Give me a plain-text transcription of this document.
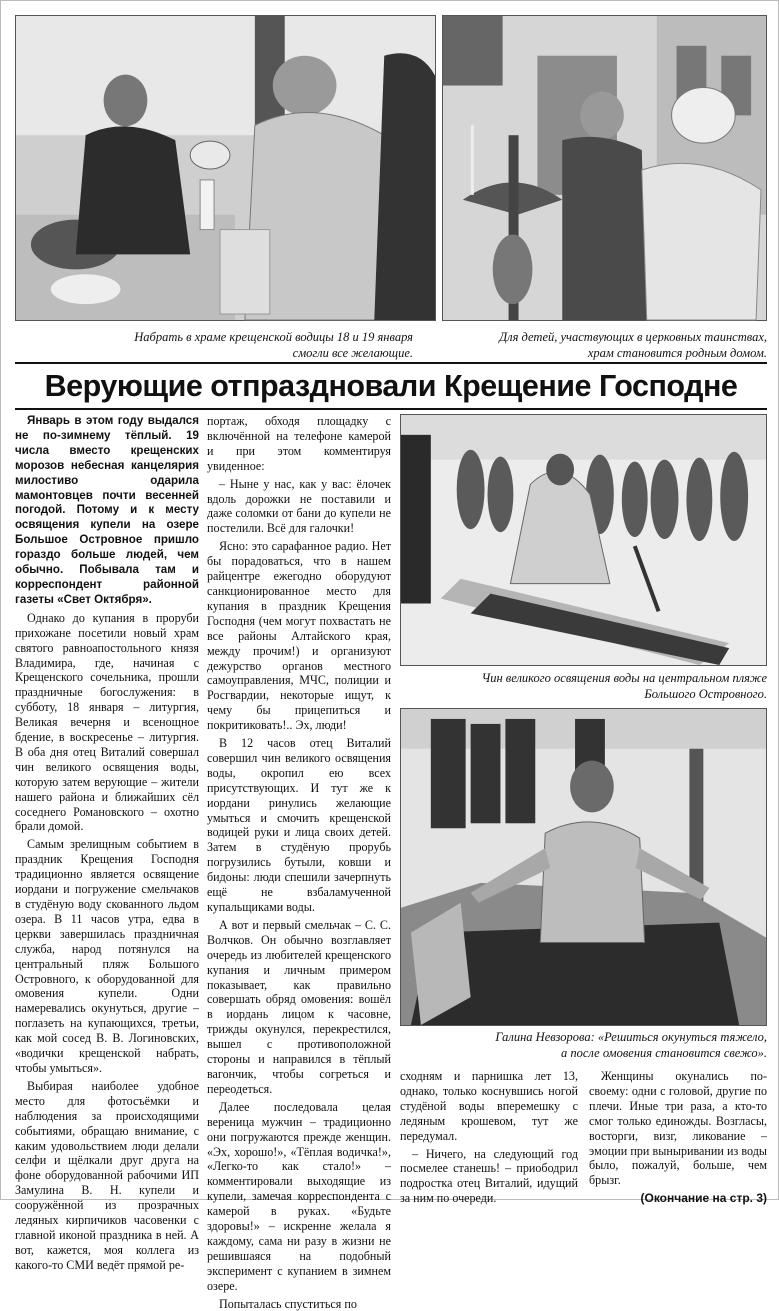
Набрать в храме крещенской водицы 18 и 19 января
смогли все желающие.
Для детей, участвующих в церковных таинствах,
храм становится родным домом.
Верующие отпраздновали Крещение Господне

Январь в этом году выдался не по-зимнему тёплый. 19 числа вместо крещенских морозов небесная канцелярия милостиво одарила мамонтовцев почти весенней погодой. Потому и к месту освящения купели на озере Большое Островное пришло гораздо больше людей, чем обычно. Побывала там и корреспондент районной газеты «Свет Октября».

Однако до купания в проруби прихожане посетили новый храм святого равноапостольного князя Владимира, где, начиная с Крещенского сочельника, прошли праздничные богослужения: в субботу, 18 января – литургия, Великая вечерня и всенощное бдение, в воскресенье – литургия. В оба дня отец Виталий совершал чин великого освящения воды, которую затем верующие – жители нашего района и ближайших сёл соседнего Романовского – охотно брали домой.

Самым зрелищным событием в праздник Крещения Господня традиционно является освящение иордани и погружение смельчаков в студёную воду скованного льдом озера. В 11 часов утра, едва в церкви завершилась праздничная служба, народ потянулся на центральный пляж Большого Островного, к оборудованной для омовения купели. Одни намеревались окунуться, другие – поглазеть на купающихся, третьи, как мой сосед В. В. Логиновских, «водички крещенской набрать, чтобы умыться».

Выбирая наиболее удобное место для фотосъёмки и наблюдения за происходящими событиями, обращаю внимание, с каким удовольствием люди делали селфи и щёлкали друг друга на фоне оборудованной рабочими ИП Замулина В. Н. купели и сооружённой из прозрачных ледяных кирпичиков часовенки с главной иконой праздника в ней. А вот, кажется, моя коллега из какого-то СМИ ведёт прямой ре-

портаж, обходя площадку с включённой на телефоне камерой и при этом комментируя увиденное:

– Ныне у нас, как у вас: ёлочек вдоль дорожки не поставили и даже соломки от бани до купели не постелили. Всё для галочки!

Ясно: это сарафанное радио. Нет бы порадоваться, что в нашем райцентре ежегодно оборудуют санкционированное место для купания в праздник Крещения Господня (чем могут похвастать не все районы Алтайского края, между прочим!) и организуют дежурство органов местного самоуправления, МЧС, полиции и Росгвардии, некоторые ищут, к чему бы прицепиться и покритиковать!.. Эх, люди!

В 12 часов отец Виталий совершил чин великого освящения воды, окропил ею всех присутствующих. И тут же к иордани ринулись желающие умыться и смочить крещенской водицей руки и лица своих детей. Затем в студёную прорубь погрузились бутыли, ковши и бидоны: люди спешили зачерпнуть ещё не взбаламученной купальщиками воды.

А вот и первый смельчак – С. С. Волчков. Он обычно возглавляет очередь из любителей крещенского купания и личным примером показывает, как правильно совершать обряд омовения: вошёл в иордань лицом к часовне, трижды окунулся, перекрестился, вышел с противоположной стороны и направился в тёплый вагончик, чтобы согреться и переодеться.

Далее последовала целая вереница мужчин – традиционно они погружаются прежде женщин. «Эх, хорошо!», «Тёплая водичка!», «Легко-то как стало!» – комментировали выходящие из купели, замечая корреспондента с камерой в руках. «Будьте здоровы!» – искренне желала я каждому, сама ни разу в жизни не решившаяся на подобный эксперимент с купанием в зимнем озере.

Попыталась спуститься по

Чин великого освящения воды на центральном пляже
Большого Островного.
Галина Невзорова: «Решиться окунуться тяжело,
а после омовения становится свежо».

сходням и парнишка лет 13, однако, только коснувшись ногой студёной воды вперемешку с ледяным крошевом, тут же передумал.

– Ничего, на следующий год посмелее станешь! – приободрил подростка отец Виталий, идущий за ним по очереди.

Женщины окунались по-своему: одни с головой, другие по плечи. Иные три раза, а кто-то смог только единожды. Возгласы, восторги, визг, ликование – эмоции при выныривании из воды было, пожалуй, больше, чем брызг.

(Окончание на стр. 3)
